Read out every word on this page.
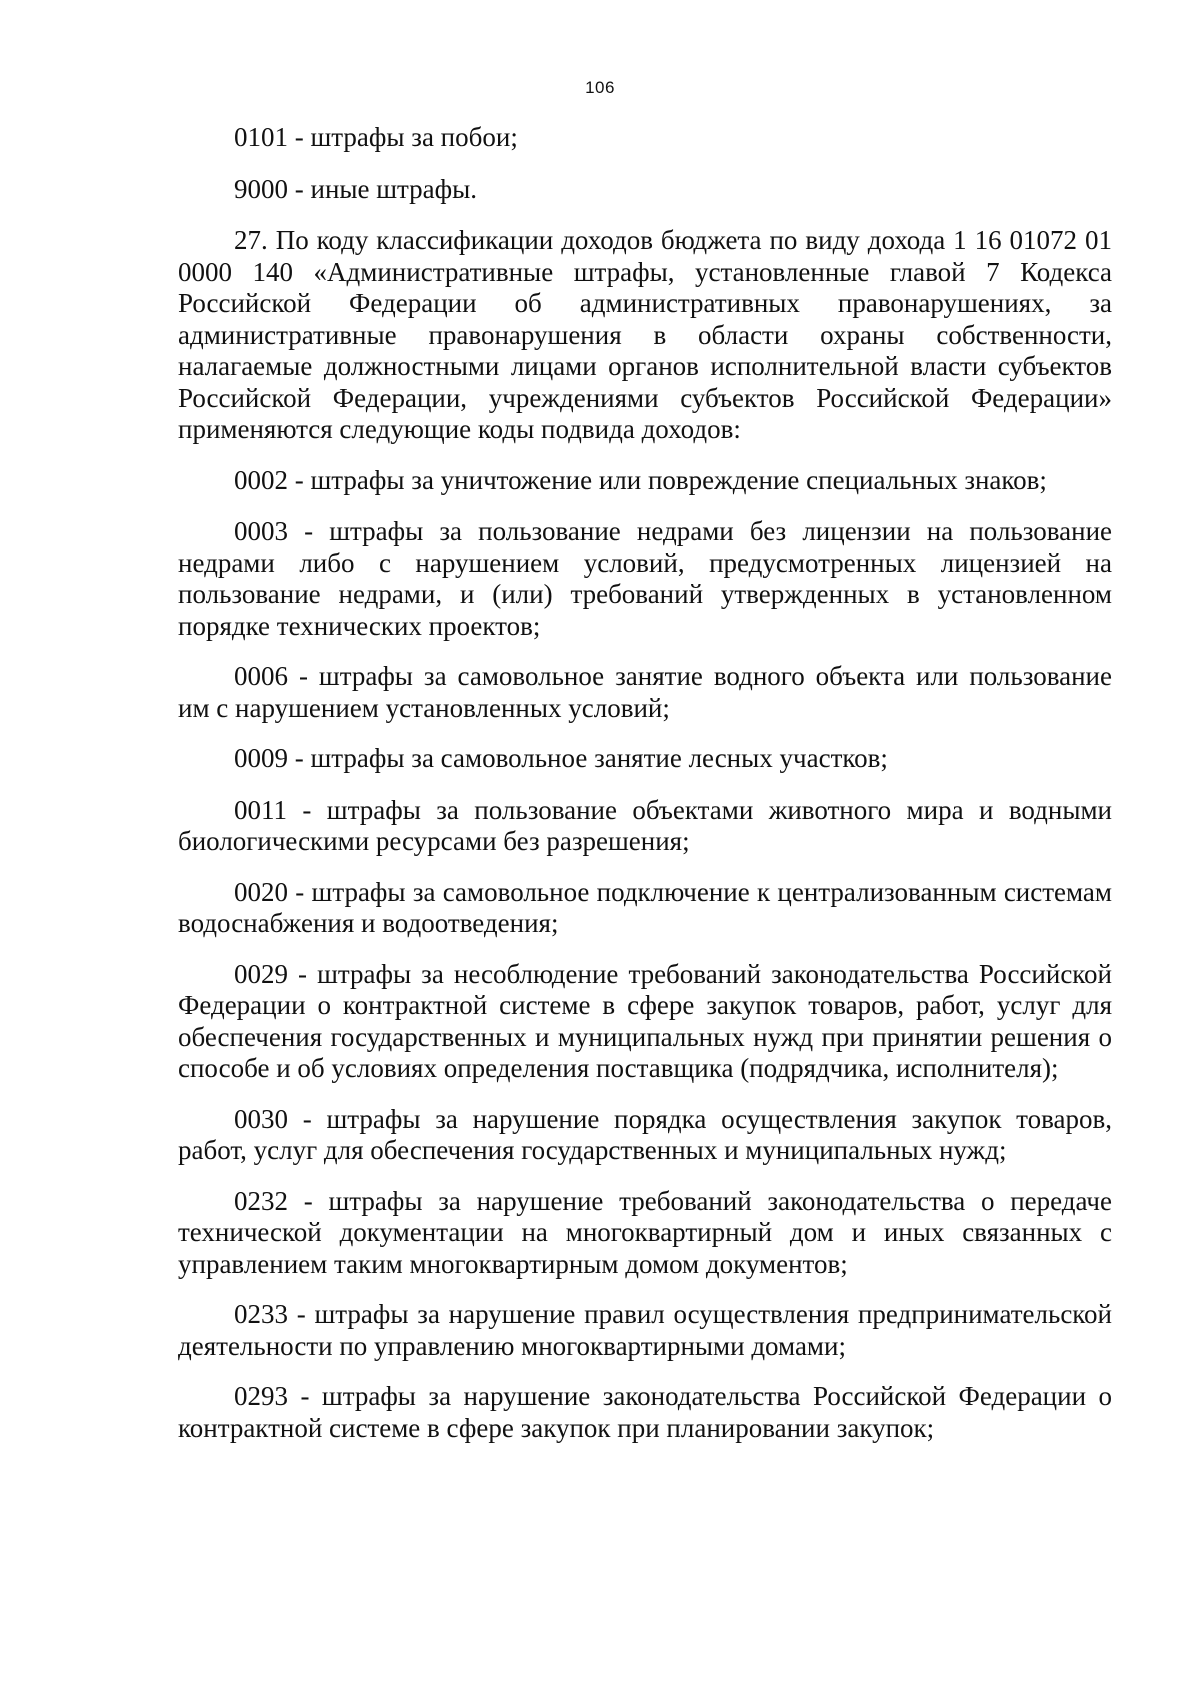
106

0101 - штрафы за побои;

9000 - иные штрафы.

27. По коду классификации доходов бюджета по виду дохода 1 16 01072 01 0000 140 «Административные штрафы, установленные главой 7 Кодекса Российской Федерации об административных правонарушениях, за административные правонарушения в области охраны собственности, налагаемые должностными лицами органов исполнительной власти субъектов Российской Федерации, учреждениями субъектов Российской Федерации» применяются следующие коды подвида доходов:

0002 - штрафы за уничтожение или повреждение специальных знаков;

0003 - штрафы за пользование недрами без лицензии на пользование недрами либо с нарушением условий, предусмотренных лицензией на пользование недрами, и (или) требований утвержденных в установленном порядке технических проектов;

0006 - штрафы за самовольное занятие водного объекта или пользование им с нарушением установленных условий;

0009 - штрафы за самовольное занятие лесных участков;

0011 - штрафы за пользование объектами животного мира и водными биологическими ресурсами без разрешения;

0020 - штрафы за самовольное подключение к централизованным системам водоснабжения и водоотведения;

0029 - штрафы за несоблюдение требований законодательства Российской Федерации о контрактной системе в сфере закупок товаров, работ, услуг для обеспечения государственных и муниципальных нужд при принятии решения о способе и об условиях определения поставщика (подрядчика, исполнителя);

0030 - штрафы за нарушение порядка осуществления закупок товаров, работ, услуг для обеспечения государственных и муниципальных нужд;

0232 - штрафы за нарушение требований законодательства о передаче технической документации на многоквартирный дом и иных связанных с управлением таким многоквартирным домом документов;

0233 - штрафы за нарушение правил осуществления предпринимательской деятельности по управлению многоквартирными домами;

0293 - штрафы за нарушение законодательства Российской Федерации о контрактной системе в сфере закупок при планировании закупок;
